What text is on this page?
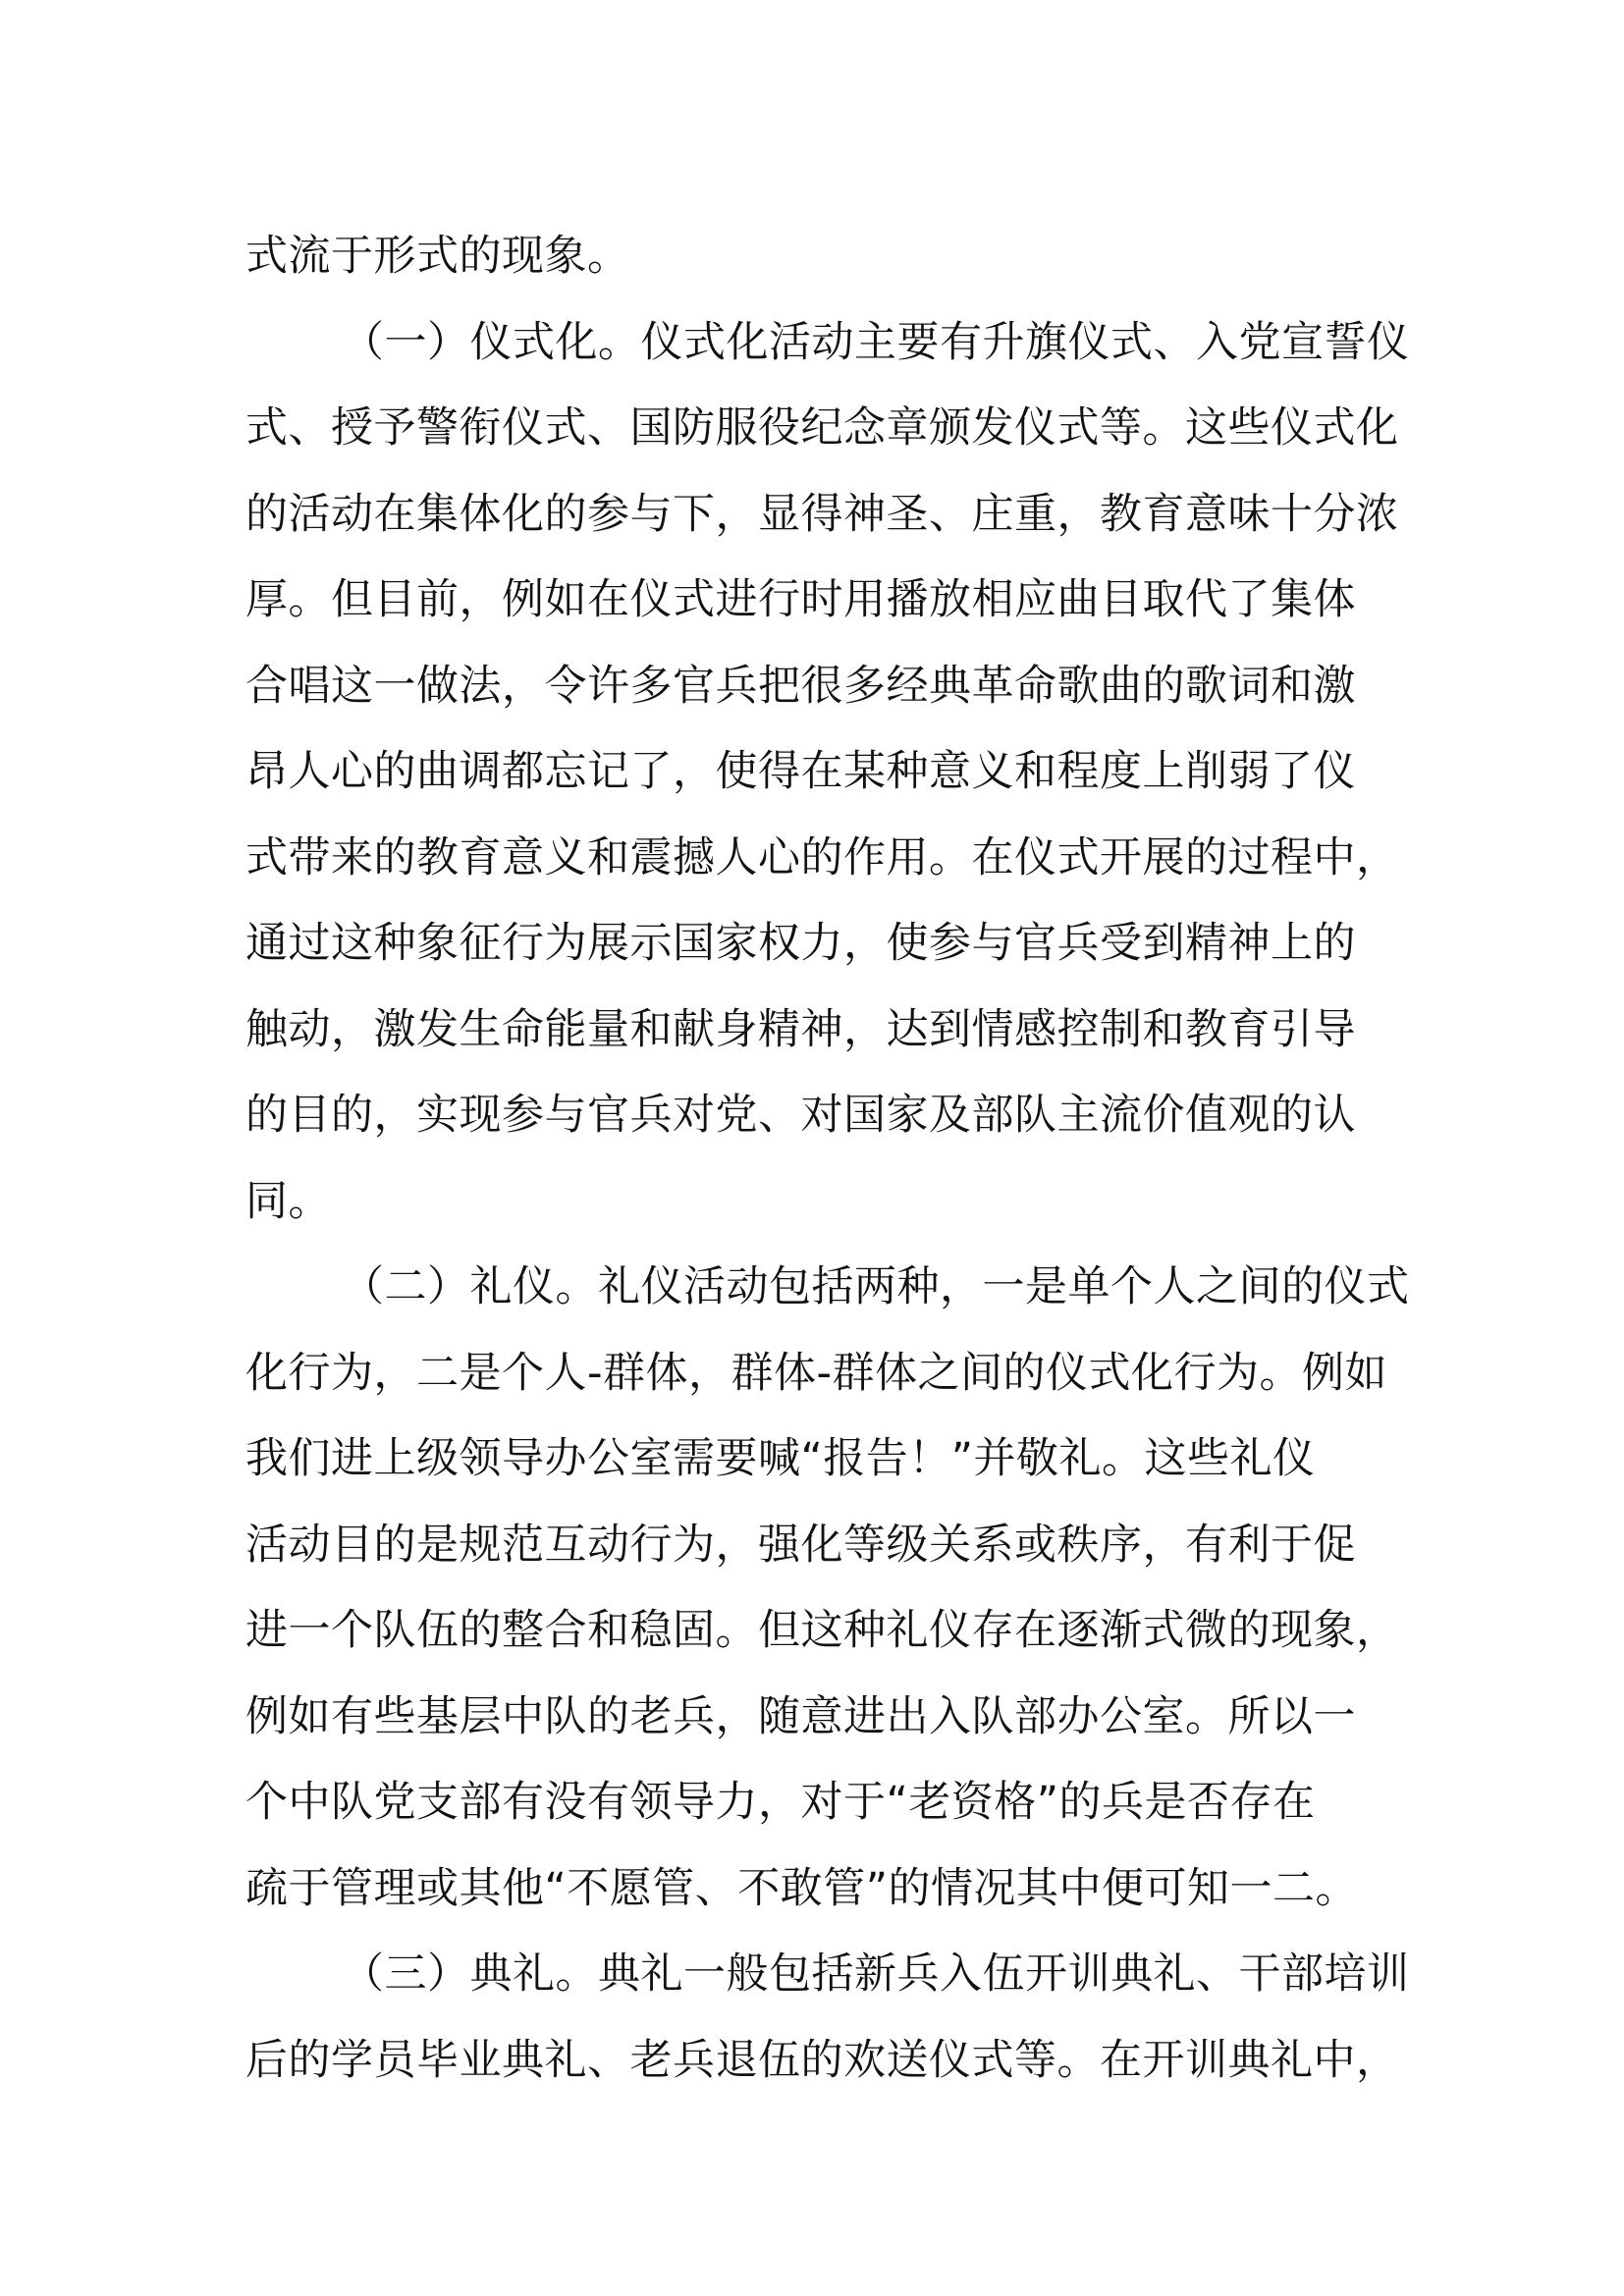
式流于形式的现象。
（一）仪式化。仪式化活动主要有升旗仪式、入党宣誓仪
式、授予警衔仪式、国防服役纪念章颁发仪式等。这些仪式化
的活动在集体化的参与下，显得神圣、庄重，教育意味十分浓
厚。但目前，例如在仪式进行时用播放相应曲目取代了集体
合唱这一做法，令许多官兵把很多经典革命歌曲的歌词和激
昂人心的曲调都忘记了，使得在某种意义和程度上削弱了仪
式带来的教育意义和震撼人心的作用。在仪式开展的过程中，
通过这种象征行为展示国家权力，使参与官兵受到精神上的
触动，激发生命能量和献身精神，达到情感控制和教育引导
的目的，实现参与官兵对党、对国家及部队主流价值观的认
同。
（二）礼仪。礼仪活动包括两种，一是单个人之间的仪式
化行为，二是个人-群体，群体-群体之间的仪式化行为。例如
我们进上级领导办公室需要喊“报告！”并敬礼。这些礼仪
活动目的是规范互动行为，强化等级关系或秩序，有利于促
进一个队伍的整合和稳固。但这种礼仪存在逐渐式微的现象，
例如有些基层中队的老兵，随意进出入队部办公室。所以一
个中队党支部有没有领导力，对于“老资格”的兵是否存在
疏于管理或其他“不愿管、不敢管”的情况其中便可知一二。
（三）典礼。典礼一般包括新兵入伍开训典礼、干部培训
后的学员毕业典礼、老兵退伍的欢送仪式等。在开训典礼中，
